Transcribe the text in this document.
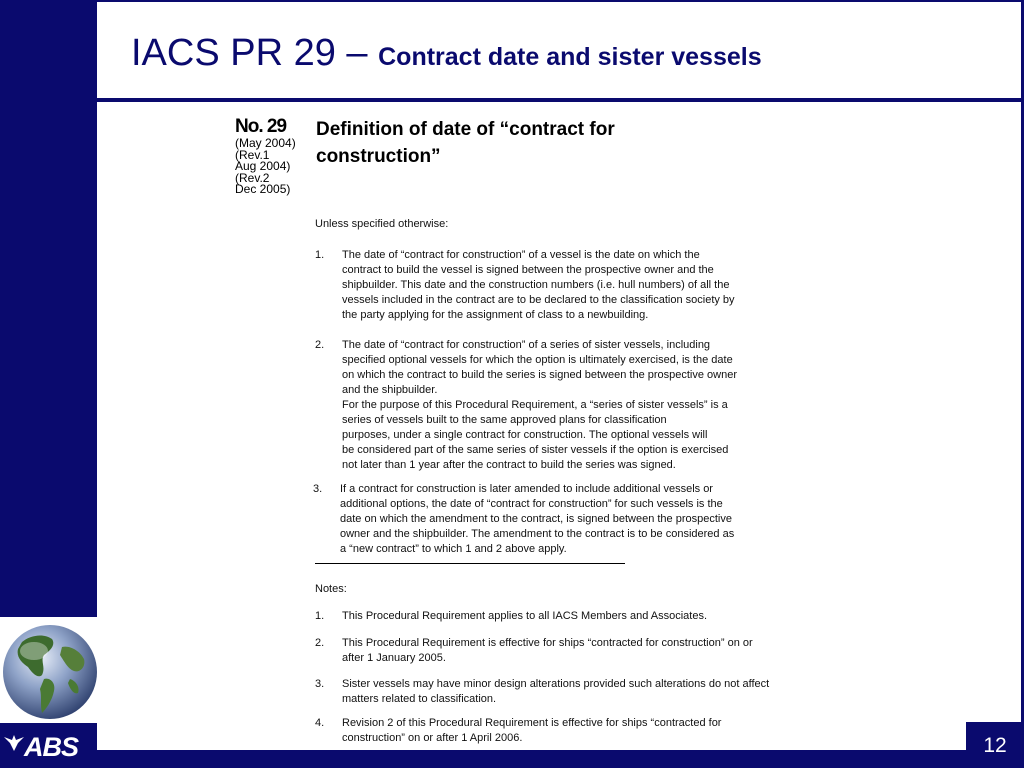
ABS
IACS PR 29 – Contract date and sister vessels
12
No. 29
(May 2004)
(Rev.1
Aug 2004)
(Rev.2
Dec 2005)
Definition of date of “contract for
construction”
Unless specified otherwise:
1. The date of “contract for construction” of a vessel is the date on which the
contract to build the vessel is signed between the prospective owner and the
shipbuilder. This date and the construction numbers (i.e. hull numbers) of all the
vessels included in the contract are to be declared to the classification society by
the party applying for the assignment of class to a newbuilding.
2. The date of “contract for construction” of a series of sister vessels, including
specified optional vessels for which the option is ultimately exercised, is the date
on which the contract to build the series is signed between the prospective owner
and the shipbuilder.
For the purpose of this Procedural Requirement, a “series of sister vessels” is a
series of vessels built to the same approved plans for classification
purposes, under a single contract for construction. The optional vessels will
be considered part of the same series of sister vessels if the option is exercised
not later than 1 year after the contract to build the series was signed.
3. If a contract for construction is later amended to include additional vessels or
additional options, the date of “contract for construction” for such vessels is the
date on which the amendment to the contract, is signed between the prospective
owner and the shipbuilder. The amendment to the contract is to be considered as
a “new contract” to which 1 and 2 above apply.
Notes:
1. This Procedural Requirement applies to all IACS Members and Associates.
2. This Procedural Requirement is effective for ships “contracted for construction” on or
after 1 January 2005.
3. Sister vessels may have minor design alterations provided such alterations do not affect
matters related to classification.
4. Revision 2 of this Procedural Requirement is effective for ships “contracted for
construction” on or after 1 April 2006.
